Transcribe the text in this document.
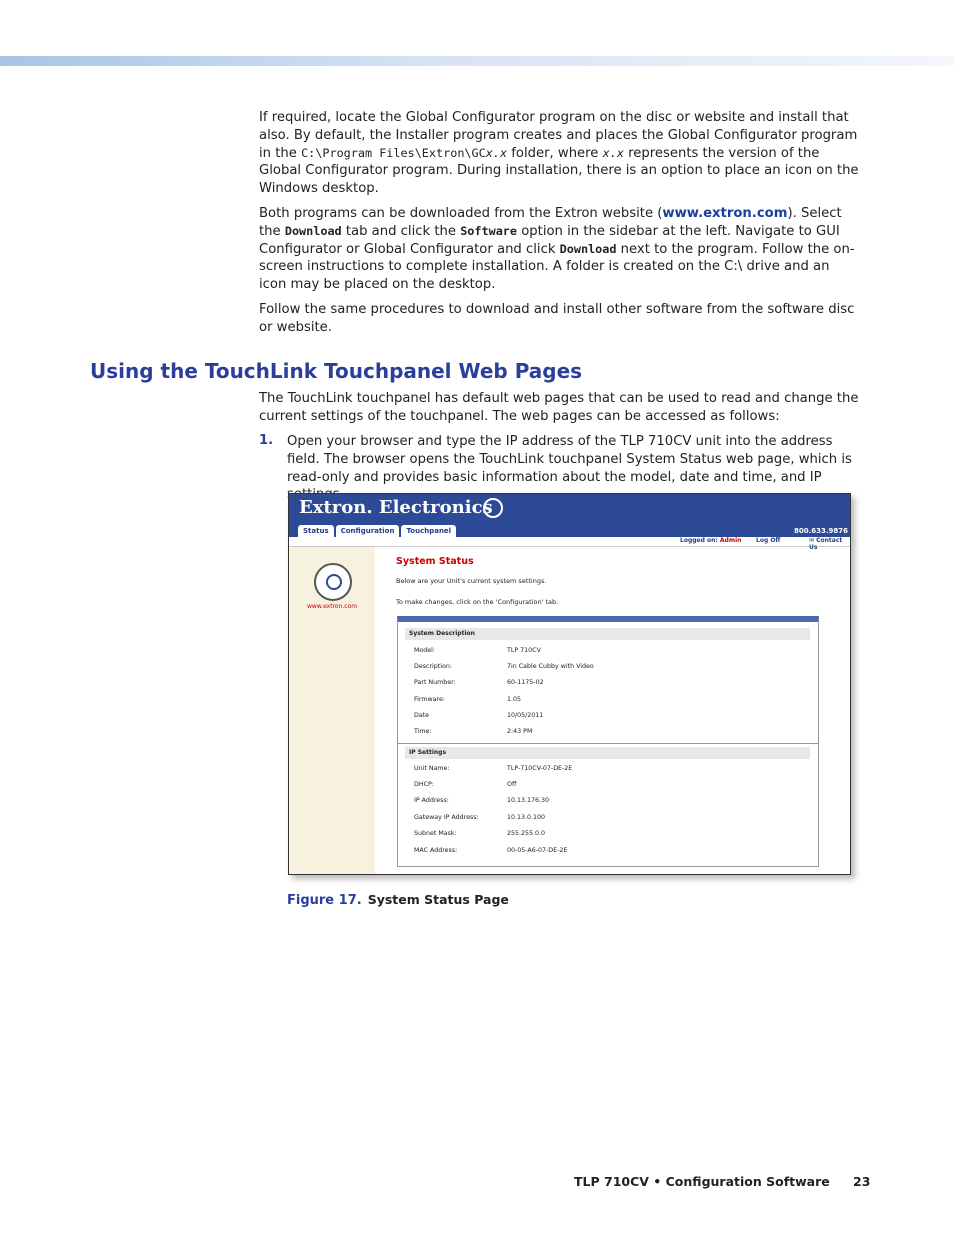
If required, locate the Global Configurator program on the disc or website and install that also. By default, the Installer program creates and places the Global Configurator program in the C:\Program Files\Extron\GCx.x folder, where x.x represents the version of the Global Configurator program. During installation, there is an option to place an icon on the Windows desktop.

Both programs can be downloaded from the Extron website (www.extron.com). Select the Download tab and click the Software option in the sidebar at the left. Navigate to GUI Configurator or Global Configurator and click Download next to the program. Follow the on-screen instructions to complete installation. A folder is created on the C:\ drive and an icon may be placed on the desktop.

Follow the same procedures to download and install other software from the software disc or website.

Using the TouchLink Touchpanel Web Pages
The TouchLink touchpanel has default web pages that can be used to read and change the current settings of the touchpanel. The web pages can be accessed as follows:
1. Open your browser and type the IP address of the TLP 710CV unit into the address field. The browser opens the TouchLink touchpanel System Status web page, which is read-only and provides basic information about the model, date and time, and IP
Extron. Electronics
Status	Configuration	Touchpanel	800.633.9876
Logged on: Admin Log Off	✉ Contact Us
www.extron.com
System Status
Below are your Unit's current system settings.
To make changes, click on the 'Configuration' tab.
System Description
Model:	TLP 710CV
Description:	7in Cable Cubby with Video
Part Number:	60-1175-02
Firmware:	1.05
Date	10/05/2011
Time:	2:43 PM
IP Settings
Unit Name:	TLP-710CV-07-DE-2E
DHCP:	Off
IP Address:	10.13.176.30
Gateway IP Address:	10.13.0.100
Subnet Mask:	255.255.0.0
MAC Address:	00-05-A6-07-DE-2E
Figure 17. System Status Page
TLP 710CV • Configuration Software 23
